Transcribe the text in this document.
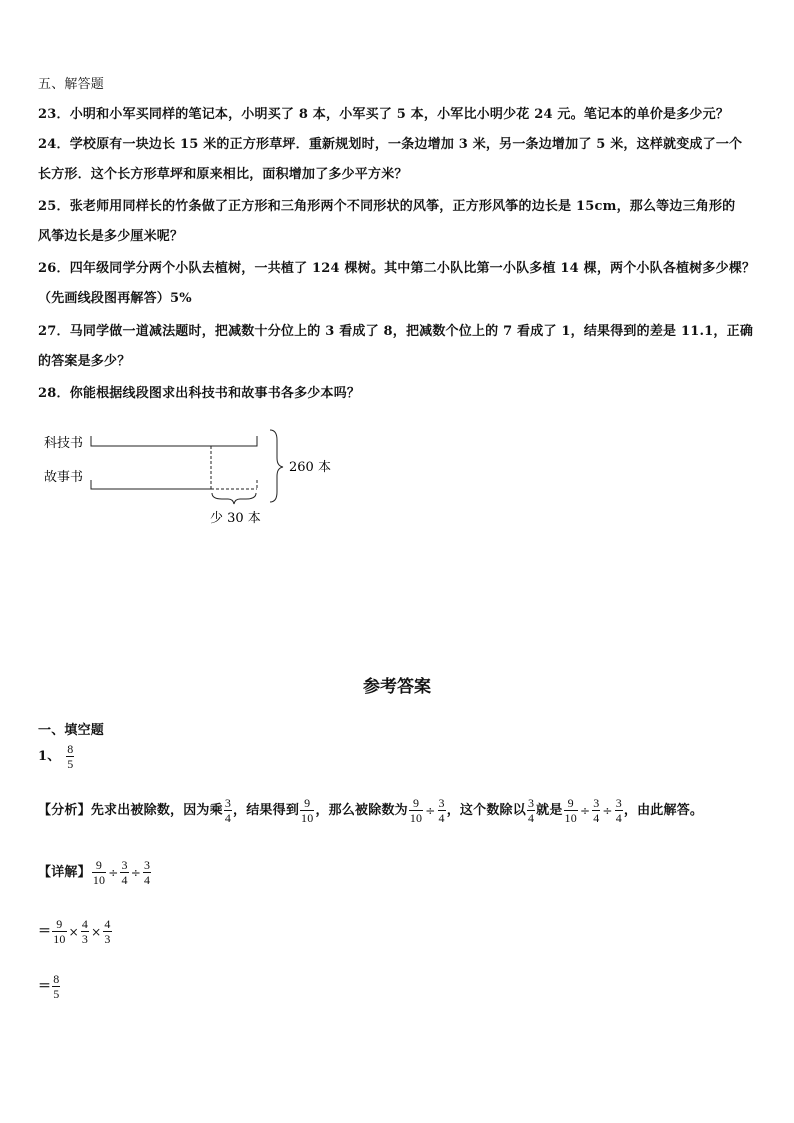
五、解答题
23．小明和小军买同样的笔记本，小明买了 8 本，小军买了 5 本，小军比小明少花 24 元。笔记本的单价是多少元？
24．学校原有一块边长 15 米的正方形草坪．重新规划时，一条边增加 3 米，另一条边增加了 5 米，这样就变成了一个
长方形．这个长方形草坪和原来相比，面积增加了多少平方米？
25．张老师用同样长的竹条做了正方形和三角形两个不同形状的风筝，正方形风筝的边长是 15cm，那么等边三角形的
风筝边长是多少厘米呢？
26．四年级同学分两个小队去植树，一共植了 124 棵树。其中第二小队比第一小队多植 14 棵，两个小队各植树多少棵？
（先画线段图再解答）5%
27．马同学做一道减法题时，把减数十分位上的 3 看成了 8，把减数个位上的 7 看成了 1，结果得到的差是 11.1，正确
的答案是多少？
28．你能根据线段图求出科技书和故事书各多少本吗？
科技书
故事书
少 30 本
260 本
参考答案
一、填空题
1、 $\frac{8}{5}$
【分析】先求出被除数，因为乘 $\frac{3}{4}$ ，结果得到 $\frac{9}{10}$ ，那么被除数为 $\frac{9}{10} \div \frac{3}{4}$ ，这个数除以 $\frac{3}{4}$ 就是 $\frac{9}{10} \div \frac{3}{4} \div \frac{3}{4}$ ，由此解答。
【详解】 $\frac{9}{10} \div \frac{3}{4} \div \frac{3}{4}$
＝ $\frac{9}{10} \times \frac{4}{3} \times \frac{4}{3}$
＝ $\frac{8}{5}$
